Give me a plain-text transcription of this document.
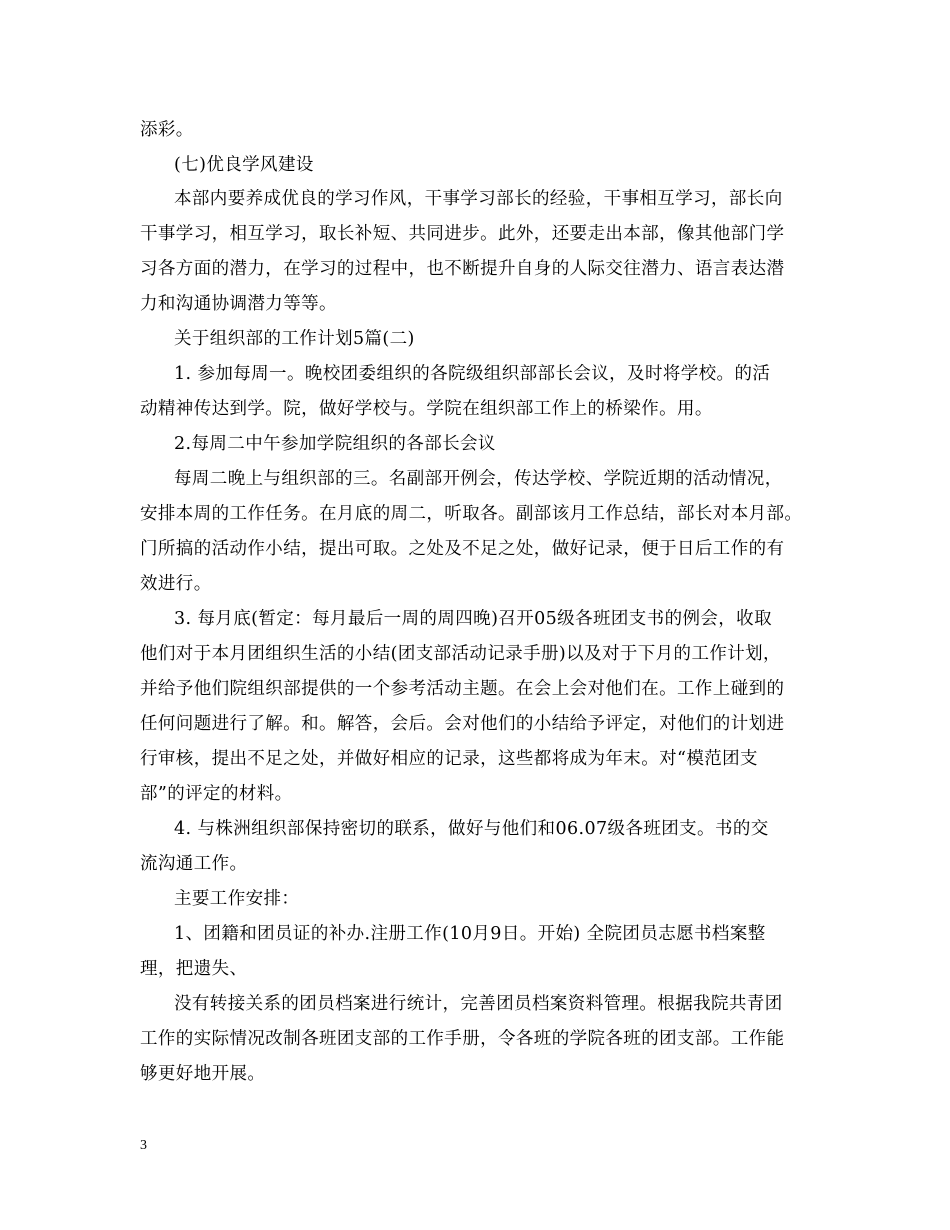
添彩。
(七)优良学风建设
本部内要养成优良的学习作风，干事学习部长的经验，干事相互学习，部长向
干事学习，相互学习，取长补短、共同进步。此外，还要走出本部，像其他部门学
习各方面的潜力，在学习的过程中，也不断提升自身的人际交往潜力、语言表达潜
力和沟通协调潜力等等。
关于组织部的工作计划5篇(二)
1. 参加每周一。晚校团委组织的各院级组织部部长会议，及时将学校。的活
动精神传达到学。院，做好学校与。学院在组织部工作上的桥梁作。用。
2.每周二中午参加学院组织的各部长会议
每周二晚上与组织部的三。名副部开例会，传达学校、学院近期的活动情况，
安排本周的工作任务。在月底的周二，听取各。副部该月工作总结，部长对本月部。
门所搞的活动作小结，提出可取。之处及不足之处，做好记录，便于日后工作的有
效进行。
3. 每月底(暂定：每月最后一周的周四晚)召开05级各班团支书的例会，收取
他们对于本月团组织生活的小结(团支部活动记录手册)以及对于下月的工作计划，
并给予他们院组织部提供的一个参考活动主题。在会上会对他们在。工作上碰到的
任何问题进行了解。和。解答，会后。会对他们的小结给予评定，对他们的计划进
行审核，提出不足之处，并做好相应的记录，这些都将成为年末。对“模范团支
部”的评定的材料。
4. 与株洲组织部保持密切的联系，做好与他们和06.07级各班团支。书的交
流沟通工作。
主要工作安排：
1、团籍和团员证的补办.注册工作(10月9日。开始) 全院团员志愿书档案整
理，把遗失、
没有转接关系的团员档案进行统计，完善团员档案资料管理。根据我院共青团
工作的实际情况改制各班团支部的工作手册，令各班的学院各班的团支部。工作能
够更好地开展。
3
